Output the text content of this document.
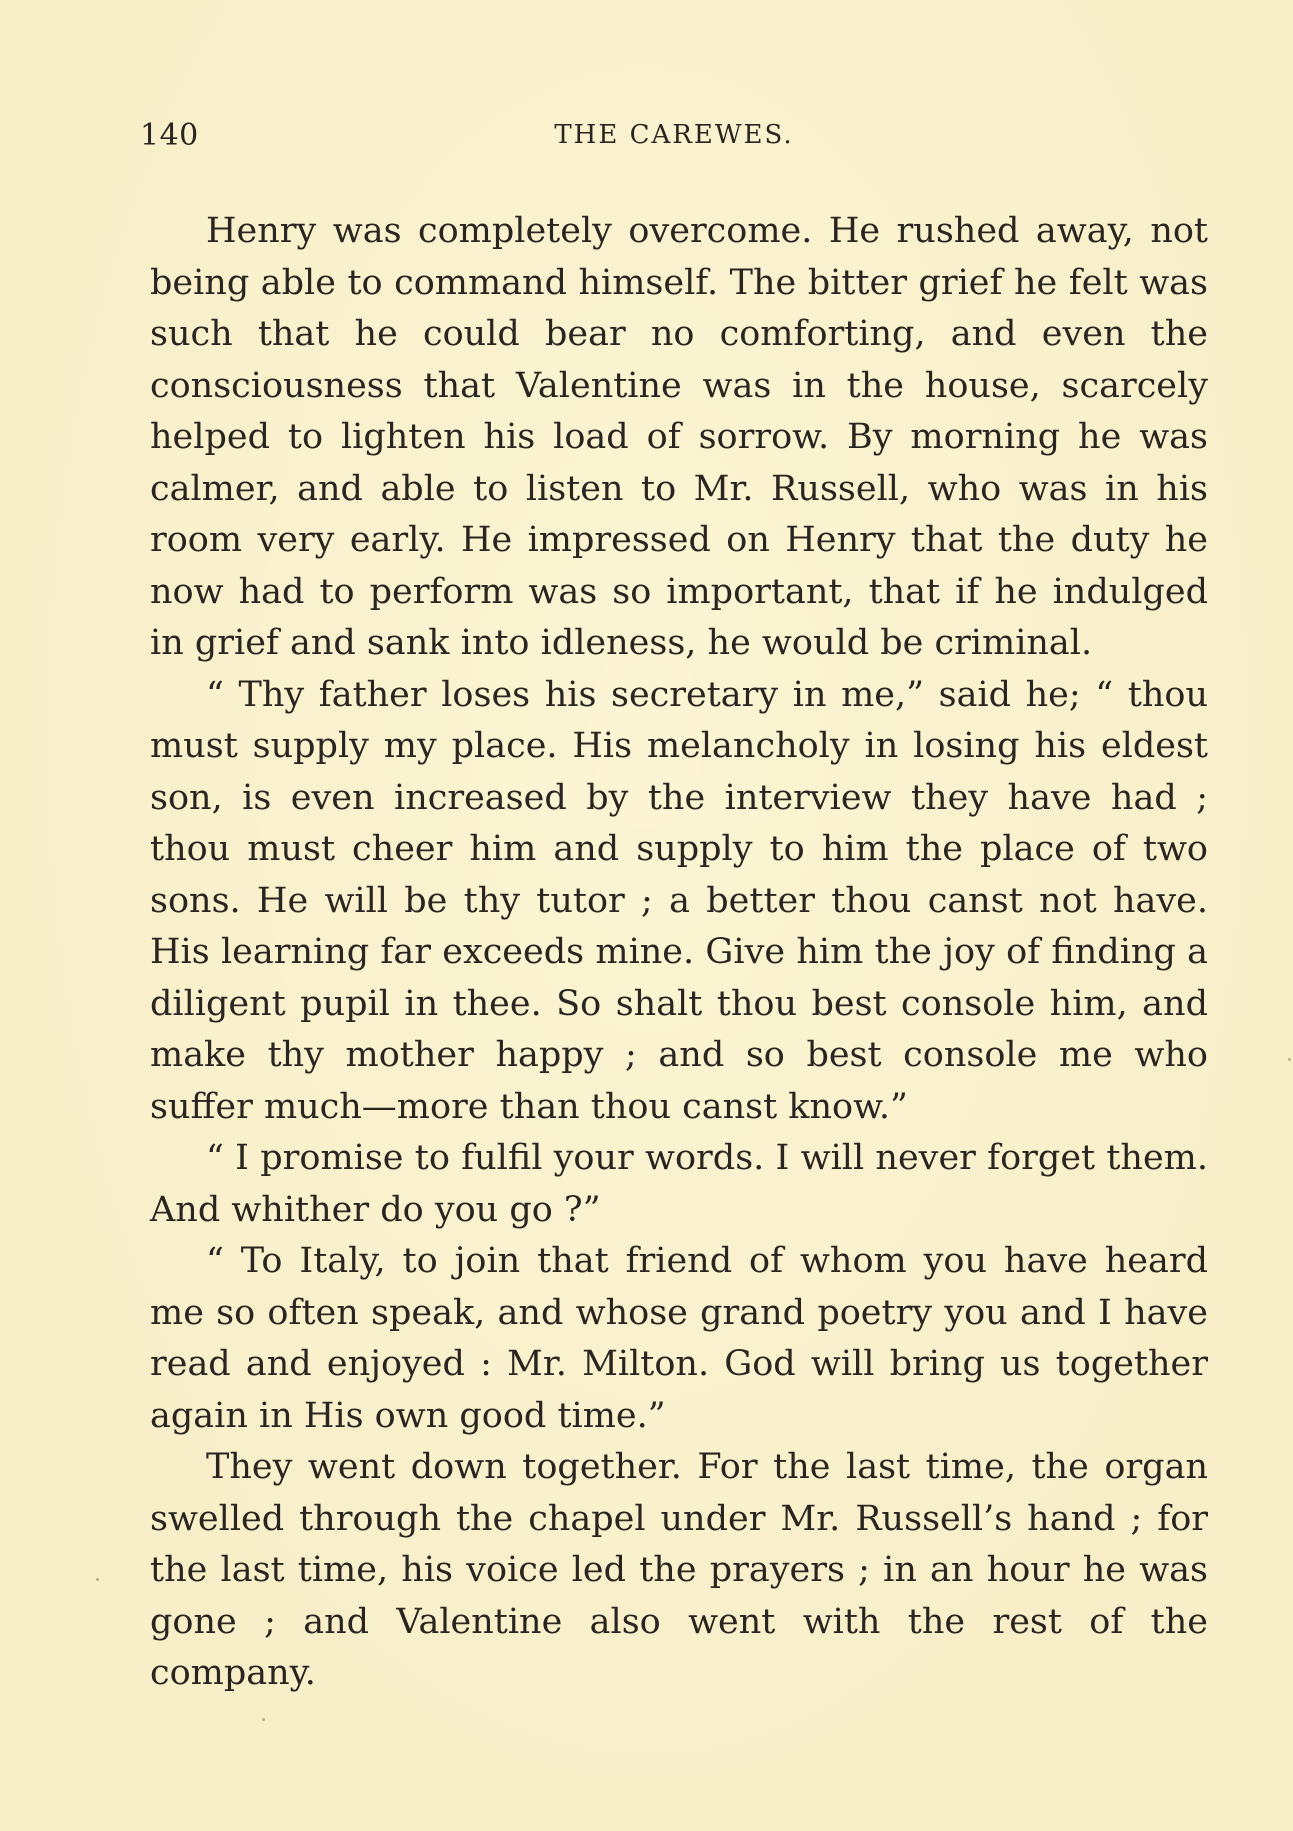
140	THE CAREWES.

Henry was completely overcome. He rushed away, not being able to command himself. The bitter grief he felt was such that he could bear no comforting, and even the consciousness that Valentine was in the house, scarcely helped to lighten his load of sorrow. By morning he was calmer, and able to listen to Mr. Russell, who was in his room very early. He impressed on Henry that the duty he now had to perform was so important, that if he indulged in grief and sank into idleness, he would be criminal.

“ Thy father loses his secretary in me,” said he; “ thou must supply my place. His melancholy in losing his eldest son, is even increased by the interview they have had ; thou must cheer him and supply to him the place of two sons. He will be thy tutor ; a better thou canst not have. His learning far exceeds mine. Give him the joy of finding a diligent pupil in thee. So shalt thou best console him, and make thy mother happy ; and so best console me who suffer much—more than thou canst know.”

“ I promise to fulfil your words. I will never forget them. And whither do you go ?”

“ To Italy, to join that friend of whom you have heard me so often speak, and whose grand poetry you and I have read and enjoyed : Mr. Milton. God will bring us together again in His own good time.”

They went down together. For the last time, the organ swelled through the chapel under Mr. Russell’s hand ; for the last time, his voice led the prayers ; in an hour he was gone ; and Valentine also went with the rest of the company.
